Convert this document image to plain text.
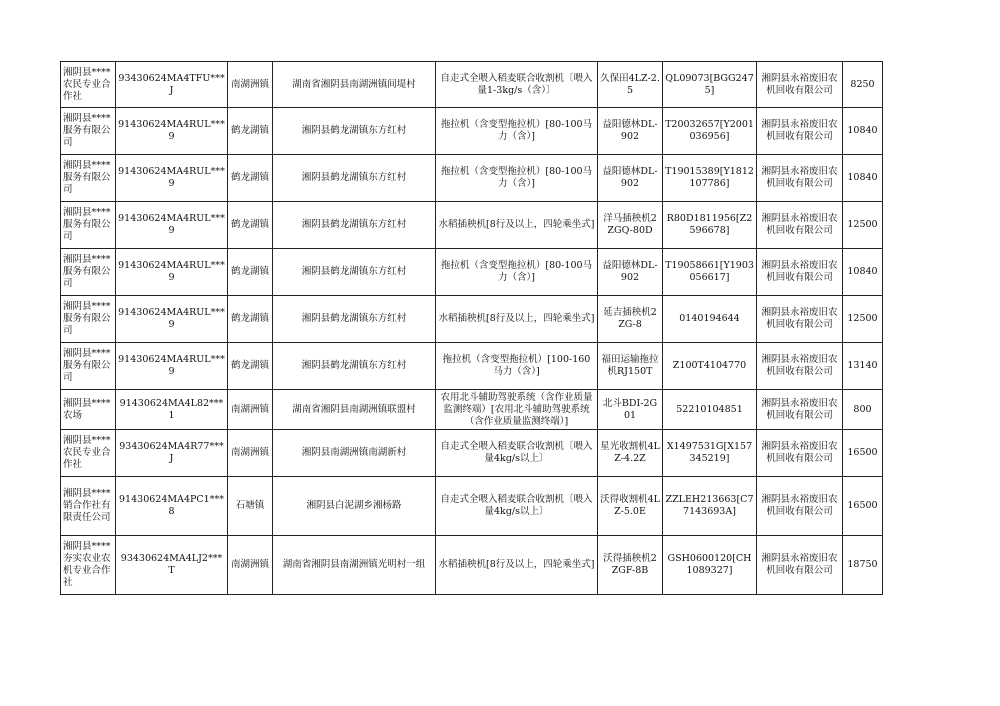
湘阴县****农民专业合作社	93430624MA4TFU***J	南湖洲镇	湖南省湘阴县南湖洲镇间堤村	自走式全喂入稻麦联合收割机〔喂入量1-3kg/s（含）〕	久保田4LZ-2.5	QL09073[BGG2475]	湘阴县永裕废旧农机回收有限公司	8250
湘阴县****服务有限公司	91430624MA4RUL***9	鹤龙湖镇	湘阴县鹤龙湖镇东方红村	拖拉机（含变型拖拉机）[80-100马力（含）]	益阳德林DL-902	T20032657[Y2001036956]	湘阴县永裕废旧农机回收有限公司	10840
湘阴县****服务有限公司	91430624MA4RUL***9	鹤龙湖镇	湘阴县鹤龙湖镇东方红村	拖拉机（含变型拖拉机）[80-100马力（含）]	益阳德林DL-902	T19015389[Y1812107786]	湘阴县永裕废旧农机回收有限公司	10840
湘阴县****服务有限公司	91430624MA4RUL***9	鹤龙湖镇	湘阴县鹤龙湖镇东方红村	水稻插秧机[8行及以上，四轮乘坐式]	洋马插秧机2ZGQ-80D	R80D1811956[Z2596678]	湘阴县永裕废旧农机回收有限公司	12500
湘阴县****服务有限公司	91430624MA4RUL***9	鹤龙湖镇	湘阴县鹤龙湖镇东方红村	拖拉机（含变型拖拉机）[80-100马力（含）]	益阳德林DL-902	T19058661[Y1903056617]	湘阴县永裕废旧农机回收有限公司	10840
湘阴县****服务有限公司	91430624MA4RUL***9	鹤龙湖镇	湘阴县鹤龙湖镇东方红村	水稻插秧机[8行及以上，四轮乘坐式]	延吉插秧机2ZG-8	0140194644	湘阴县永裕废旧农机回收有限公司	12500
湘阴县****服务有限公司	91430624MA4RUL***9	鹤龙湖镇	湘阴县鹤龙湖镇东方红村	拖拉机（含变型拖拉机）[100-160马力（含）]	福田运输拖拉机RJ150T	Z100T4104770	湘阴县永裕废旧农机回收有限公司	13140
湘阴县****农场	91430624MA4L82***1	南湖洲镇	湖南省湘阴县南湖洲镇联盟村	农用北斗辅助驾驶系统（含作业质量监测终端）[农用北斗辅助驾驶系统（含作业质量监测终端）]	北斗BDI-2G01	52210104851	湘阴县永裕废旧农机回收有限公司	800
湘阴县****农民专业合作社	93430624MA4R77***J	南湖洲镇	湘阴县南湖洲镇南湖新村	自走式全喂入稻麦联合收割机〔喂入量4kg/s以上〕	星光收割机4LZ-4.2Z	X1497531G[X157345219]	湘阴县永裕废旧农机回收有限公司	16500
湘阴县****销合作社有限责任公司	91430624MA4PC1***8	石塘镇	湘阴县白泥湖乡湘杨路	自走式全喂入稻麦联合收割机〔喂入量4kg/s以上〕	沃得收割机4LZ-5.0E	ZZLEH213663[C77143693A]	湘阴县永裕废旧农机回收有限公司	16500
湘阴县****夯实农业农机专业合作社	93430624MA4LJ2***T	南湖洲镇	湖南省湘阴县南湖洲镇光明村一组	水稻插秧机[8行及以上，四轮乘坐式]	沃得插秧机2ZGF-8B	GSH0600120[CH1089327]	湘阴县永裕废旧农机回收有限公司	18750
